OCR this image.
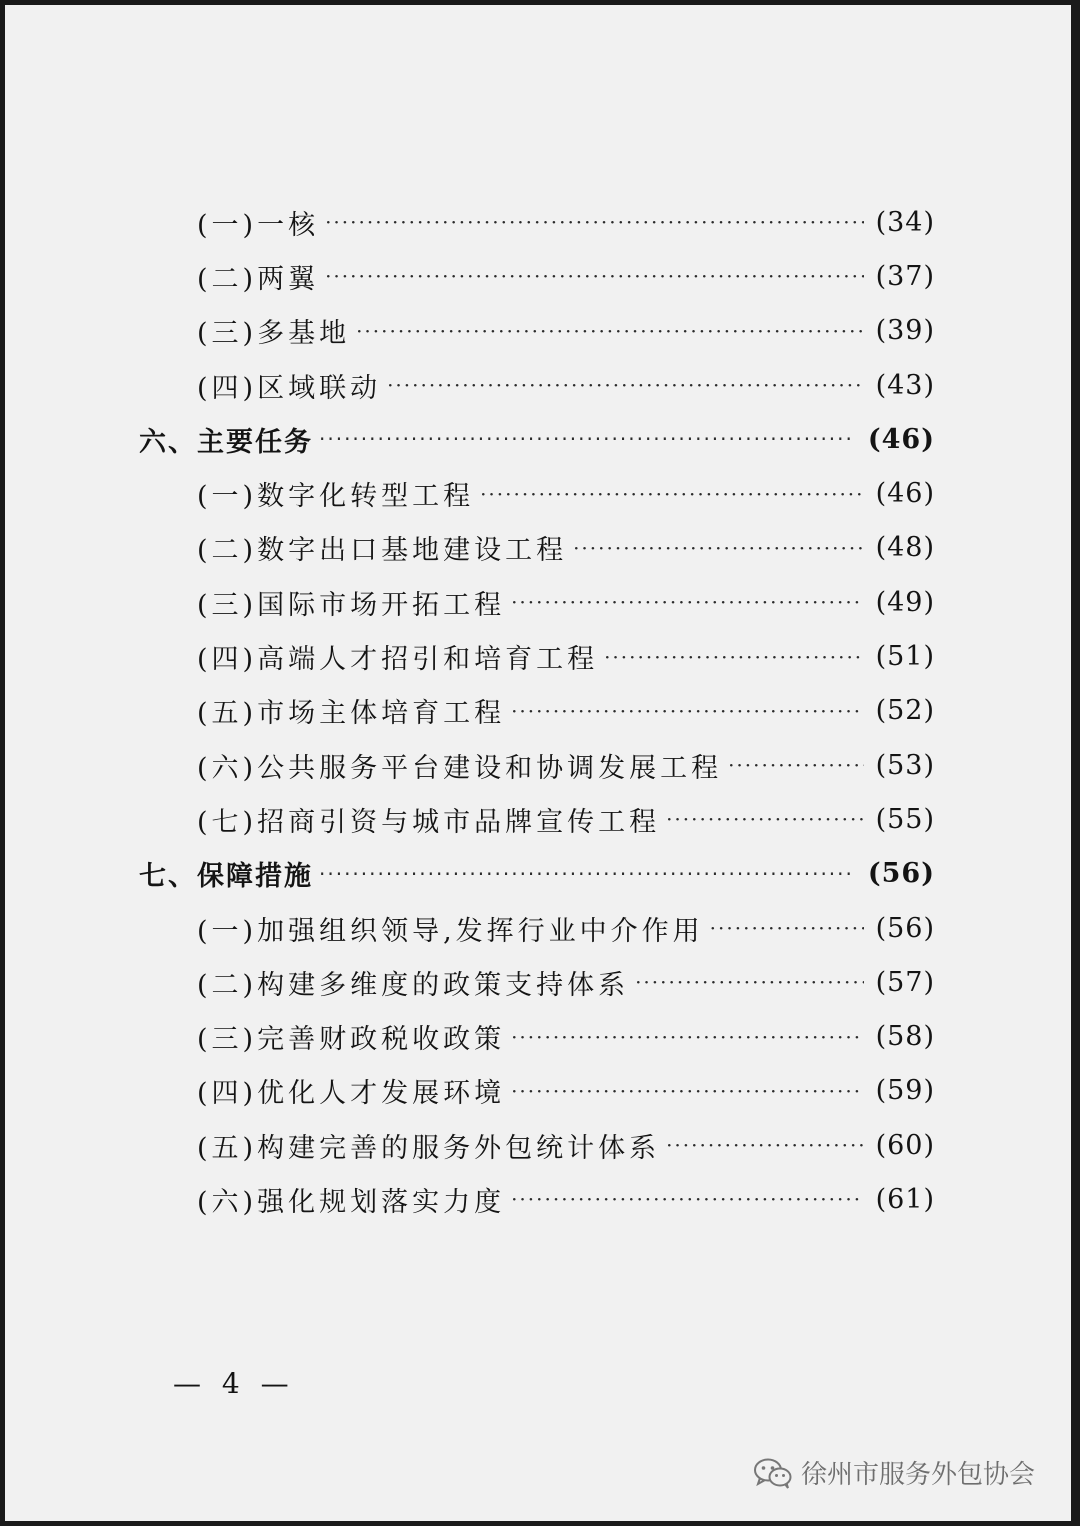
(一)一核 ·····	(34)
(二)两翼 ·····	(37)
(三)多基地 ·····	(39)
(四)区域联动 ·····	(43)
六、主要任务 ·····	(46)
(一)数字化转型工程 ·····	(46)
(二)数字出口基地建设工程 ·····	(48)
(三)国际市场开拓工程 ·····	(49)
(四)高端人才招引和培育工程 ·····	(51)
(五)市场主体培育工程 ·····	(52)
(六)公共服务平台建设和协调发展工程 ·····	(53)
(七)招商引资与城市品牌宣传工程 ·····	(55)
七、保障措施 ·····	(56)
(一)加强组织领导,发挥行业中介作用 ·····	(56)
(二)构建多维度的政策支持体系 ·····	(57)
(三)完善财政税收政策 ·····	(58)
(四)优化人才发展环境 ·····	(59)
(五)构建完善的服务外包统计体系 ·····	(60)
(六)强化规划落实力度 ·····	(61)
— 4 —
徐州市服务外包协会
